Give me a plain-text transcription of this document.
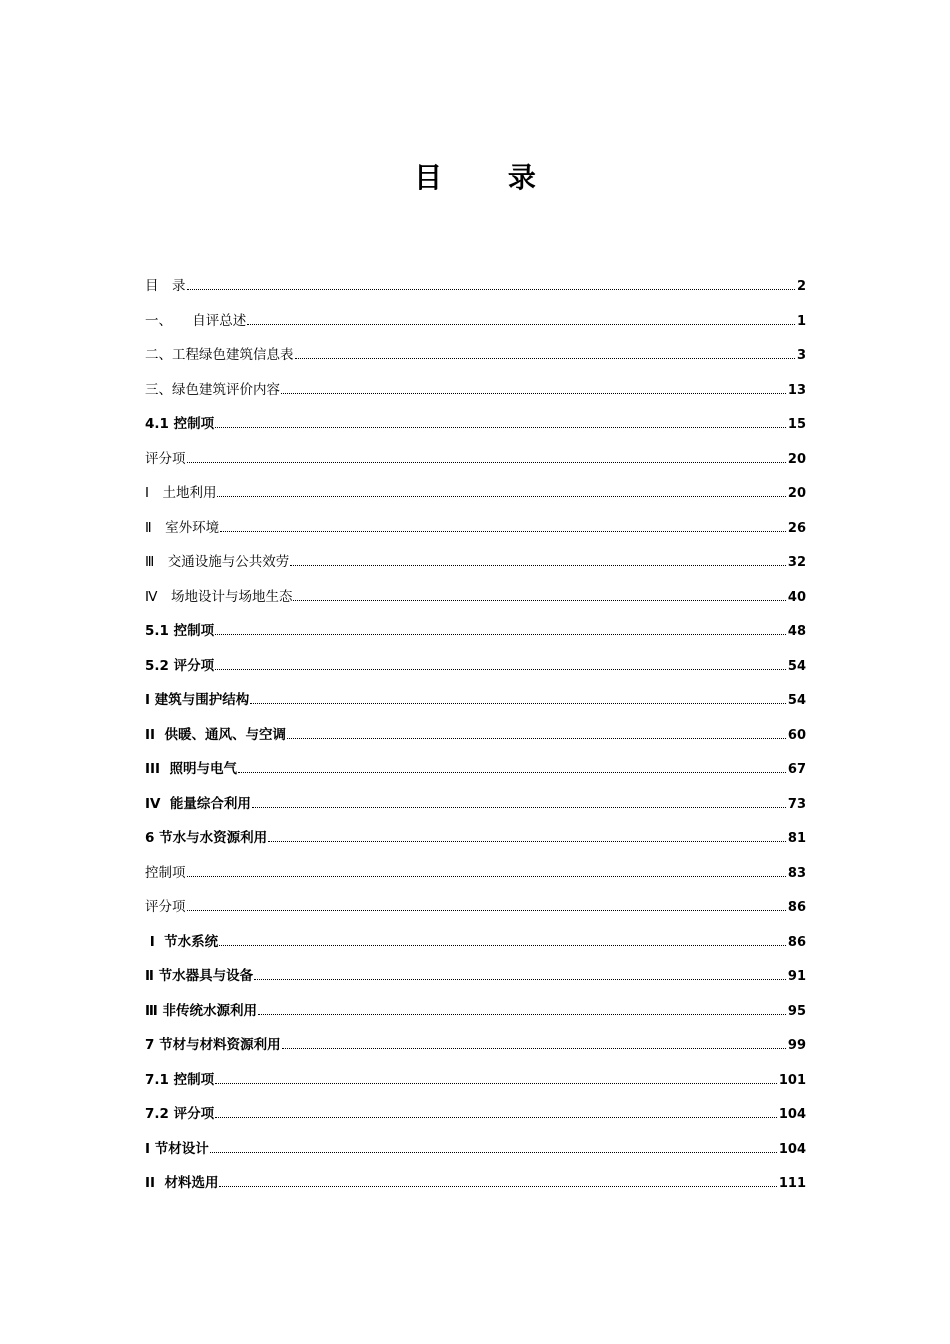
目 录
目　录	2
一、　　自评总述	1
二、工程绿色建筑信息表	3
三、绿色建筑评价内容	13
4.1 控制项	15
评分项	20
Ⅰ　土地利用	20
Ⅱ　室外环境	26
Ⅲ　交通设施与公共效劳	32
Ⅳ　场地设计与场地生态	40
5.1 控制项	48
5.2 评分项	54
I 建筑与围护结构	54
II  供暖、通风、与空调	60
III  照明与电气	67
IV  能量综合利用	73
6 节水与水资源利用	81
控制项	83
评分项	86
Ⅰ  节水系统	86
Ⅱ 节水器具与设备	91
Ⅲ 非传统水源利用	95
7 节材与材料资源利用	99
7.1 控制项	101
7.2 评分项	104
I 节材设计	104
II  材料选用	111
